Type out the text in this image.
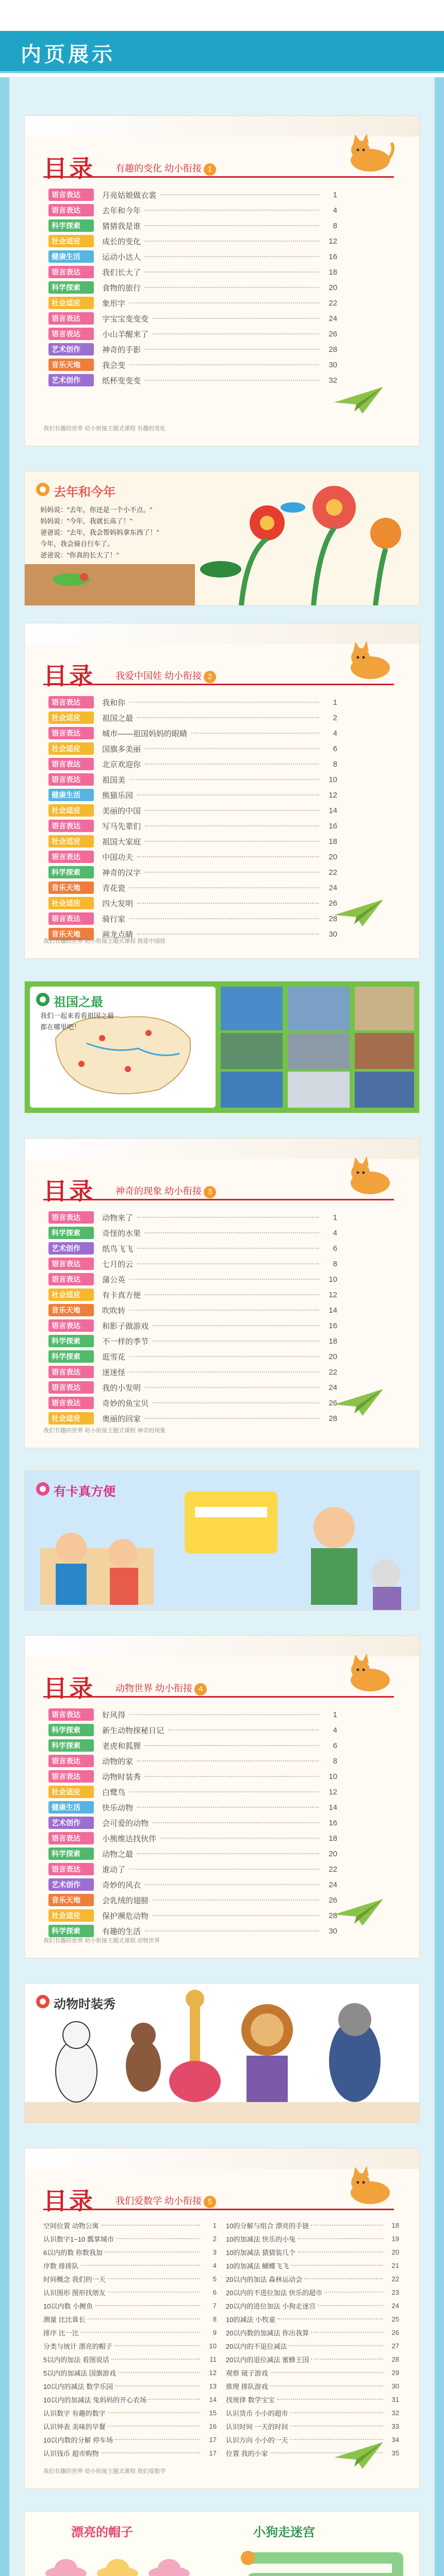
内页展示
目录 有趣的变化 幼小衔接 1
语言表达	月亮姑娘做衣裳	1
语言表达	去年和今年	4
科学探索	猜猜我是谁	8
社会适应	成长的变化	12
健康生活	运动小达人	16
语言表达	我们长大了	18
科学探索	食物的旅行	20
社会适应	象形字	22
语言表达	字宝宝变变变	24
语言表达	小山羊醒来了	26
艺术创作	神奇的手影	28
音乐天地	我会变	30
艺术创作	纸杯变变变	32
我们有趣的世界 幼小衔接主题式课程 有趣的变化
去年和今年
妈妈说："去年，你还是一个小不点。"
妈妈说："今年，我就长高了！"
爸爸说："去年，我会帮妈妈拿东西了！"
今年，我会骑自行车了。
爸爸说："你真的长大了！"
目录 我爱中国娃 幼小衔接 2
语言表达	我和你	1
社会适应	祖国之最	2
语言表达	城市——祖国妈妈的眼睛	4
社会适应	国旗多美丽	6
语言表达	北京欢迎你	8
语言表达	祖国美	10
健康生活	熊猫乐园	12
社会适应	美丽的中国	14
语言表达	写马先辈们	16
社会适应	祖国大家庭	18
语言表达	中国功夫	20
科学探索	神奇的汉字	22
音乐天地	青花瓷	24
社会适应	四大发明	26
语言表达	骑行家	28
音乐天地	画龙点睛	30
我们有趣的世界 幼小衔接主题式课程 我爱中国娃
祖国之最
我们一起来看看祖国之最
都在哪里吧！
目录 神奇的现象 幼小衔接 3
语言表达	动物来了	1
科学探索	奇怪的水果	4
艺术创作	纸鸟飞飞	6
语言表达	七月的云	8
语言表达	蒲公英	10
社会适应	有卡真方便	12
音乐天地	吹吹转	14
语言表达	和影子做游戏	16
科学探索	不一样的季节	18
科学探索	逛雪花	20
语言表达	迷迷怪	22
语言表达	我的小发明	24
语言表达	奇妙的鱼宝贝	26
社会适应	奥丽的回家	28
我们有趣的世界 幼小衔接主题式课程 神奇的现象
有卡真方便
目录 动物世界 幼小衔接 4
语言表达	好风得	1
科学探索	新生动物探秘日记	4
科学探索	老虎和狐狸	6
语言表达	动物的家	8
语言表达	动物时装秀	10
社会适应	白鹭鸟	12
健康生活	快乐动物	14
艺术创作	会可爱的动物	16
语言表达	小熊维达找伙伴	18
科学探索	动物之最	20
语言表达	谁动了	22
艺术创作	奇妙的风衣	24
音乐天地	会乳绒的翅膀	26
社会适应	保护濒危动物	28
科学探索	有趣的生活	30
我们有趣的世界 幼小衔接主题式课程 动物世界
动物时装秀
目录 我们爱数学 幼小衔接 5
空间位置 动物公寓	1
认识数字1~10 瓢掌城市	2
6以内的数 你数我加	3
序数 排排队	4
时间概念 我们的一天	5
认识图形 图形找朋友	6
10以内数 小鲤鱼	7
测量 比比谁长	8
排序 比一比	9
分类与统计 漂亮的帽子	10
5以内的加法 看图说话	11
5以内的加减法 国旗游戏	12
10以内的减法 数学乐园	13
10以内的加减法 兔妈妈的开心农场	14
认识数字 有趣的数字	15
认识钟表 美味的早餐	16
10以内数的分解 停车场	17
认识钱币 超市购物	17
10的分解与组合 漂亮的手链	18
10的加减法 快乐的小兔	19
10的加减法 猜猜装几个	20
10的加减法 蝴蝶飞飞	21
20以内的加法 森林运动会	22
20以内的不进位加法 快乐的超市	23
20以内的进位加法 小狗走迷宫	24
10的减法 小牧童	25
20以内数的加减法 你出我算	26
20以内的不退位减法	27
20以内的退位减法 蜜蜂王国	28
观察 镜子游戏	29
推理 排队游戏	30
找规律 数学宝宝	31
认识货币 小小的超市	32
认识时间 一天的时间	33
认识方向 小小的一天	34
位置 我的小家	35
我们有趣的世界 幼小衔接主题式课程 我们爱数学
漂亮的帽子	小狗走迷宫
